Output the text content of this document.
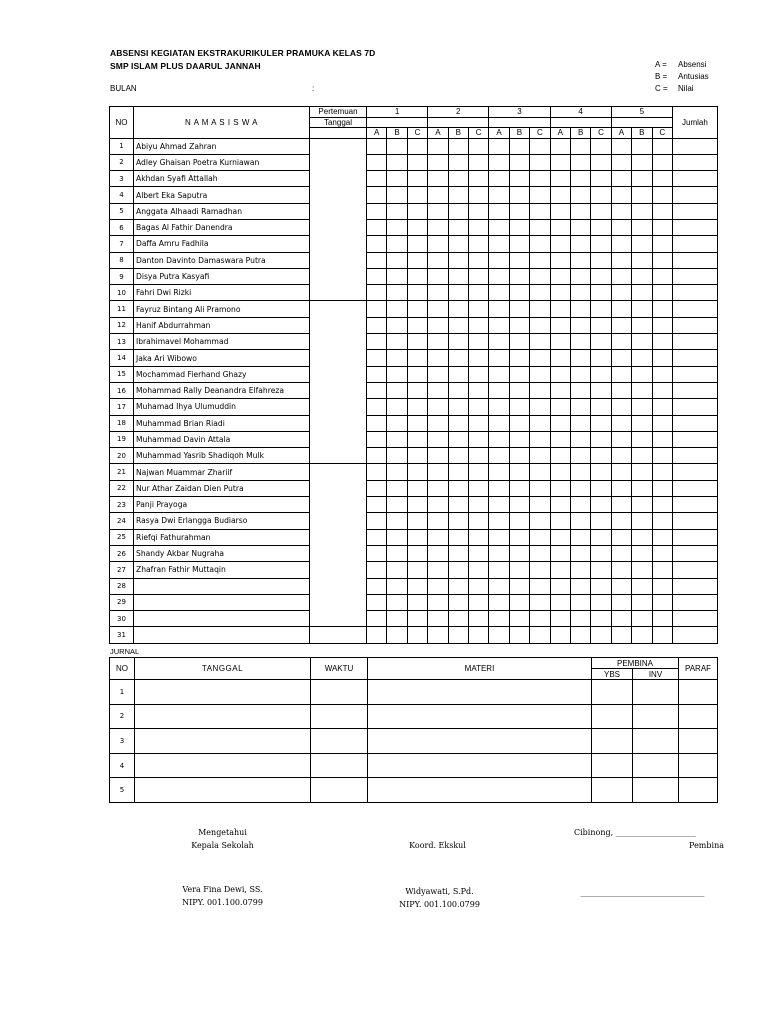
ABSENSI KEGIATAN EKSTRAKURIKULER PRAMUKA KELAS 7D
SMP ISLAM PLUS DAARUL JANNAH
BULAN	:
A =	Absensi
B =	Antusias
C =	Nilai
NO	N A M A S I S W A	Pertemuan	1			2			3			4			5			Jumlah
		Tanggal																
			A	B	C	A	B	C	A	B	C	A	B	C	A	B	C	
1	Abiyu Ahmad Zahran																	
2	Adley Ghaisan Poetra Kurniawan																	
3	Akhdan Syafi Attallah																	
4	Albert Eka Saputra																	
5	Anggata Alhaadi Ramadhan																	
6	Bagas Al Fathir Danendra																	
7	Daffa Amru Fadhila																	
8	Danton Davinto Damaswara Putra																	
9	Disya Putra Kasyafi																	
10	Fahri Dwi Rizki																	
11	Fayruz Bintang Ali Pramono																	
12	Hanif Abdurrahman																	
13	Ibrahimavel Mohammad																	
14	Jaka Ari Wibowo																	
15	Mochammad Fierhand Ghazy																	
16	Mohammad Rally Deanandra Elfahreza																	
17	Muhamad Ihya Ulumuddin																	
18	Muhammad Brian Riadi																	
19	Muhammad Davin Attala																	
20	Muhammad Yasrib Shadiqoh Mulk																	
21	Najwan Muammar Zhariif																	
22	Nur Athar Zaidan Dien Putra																	
23	Panji Prayoga																	
24	Rasya Dwi Erlangga Budiarso																	
25	Riefqi Fathurahman																	
26	Shandy Akbar Nugraha																	
27	Zhafran Fathir Muttaqin																	
28																		
29																		
30																		
31																		
JURNAL
NO	TANGGAL	WAKTU	MATERI	PEMBINA		PARAF
				YBS	INV	
1						
2						
3						
4						
5						
Mengetahui
Kepala Sekolah	Koord. Ekskul
Cibinong, ____________________
Pembina
Vera Fina Dewi, SS.
NIPY. 001.100.0799
Widyawati, S.Pd.
NIPY. 001.100.0799
_______________________________
